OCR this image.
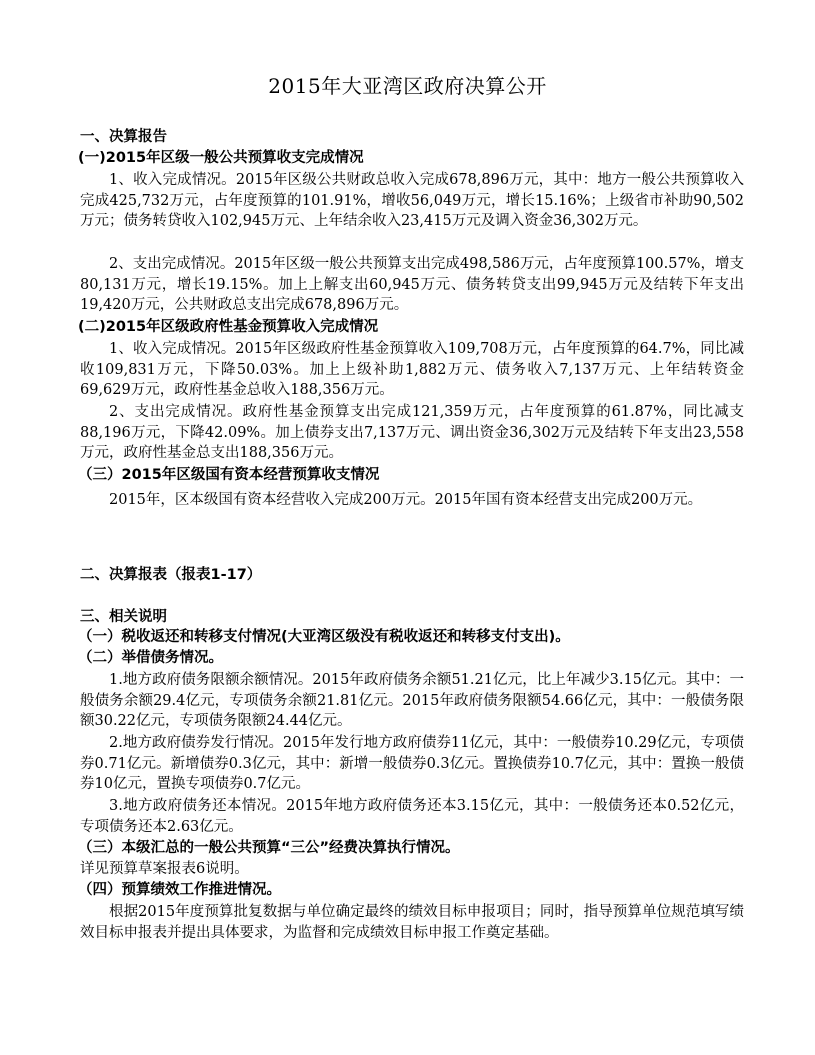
2015年大亚湾区政府决算公开
一、决算报告
(一)2015年区级一般公共预算收支完成情况
1、收入完成情况。2015年区级公共财政总收入完成678,896万元，其中：地方一般公共预算收入完成425,732万元，占年度预算的101.91%，增收56,049万元，增长15.16%；上级省市补助90,502万元；债务转贷收入102,945万元、上年结余收入23,415万元及调入资金36,302万元。
2、支出完成情况。2015年区级一般公共预算支出完成498,586万元，占年度预算100.57%，增支80,131万元，增长19.15%。加上上解支出60,945万元、债务转贷支出99,945万元及结转下年支出19,420万元，公共财政总支出完成678,896万元。
(二)2015年区级政府性基金预算收入完成情况
1、收入完成情况。2015年区级政府性基金预算收入109,708万元，占年度预算的64.7%，同比减收109,831万元，下降50.03%。加上上级补助1,882万元、债务收入7,137万元、上年结转资金69,629万元，政府性基金总收入188,356万元。
2、支出完成情况。政府性基金预算支出完成121,359万元，占年度预算的61.87%，同比减支88,196万元，下降42.09%。加上债券支出7,137万元、调出资金36,302万元及结转下年支出23,558万元，政府性基金总支出188,356万元。
（三）2015年区级国有资本经营预算收支情况
2015年，区本级国有资本经营收入完成200万元。2015年国有资本经营支出完成200万元。
二、决算报表（报表1-17）
三、相关说明
（一）税收返还和转移支付情况(大亚湾区级没有税收返还和转移支付支出)。
（二）举借债务情况。
1.地方政府债务限额余额情况。2015年政府债务余额51.21亿元，比上年减少3.15亿元。其中：一般债务余额29.4亿元，专项债务余额21.81亿元。2015年政府债务限额54.66亿元，其中：一般债务限额30.22亿元，专项债务限额24.44亿元。
2.地方政府债券发行情况。2015年发行地方政府债券11亿元，其中：一般债券10.29亿元，专项债券0.71亿元。新增债券0.3亿元，其中：新增一般债券0.3亿元。置换债券10.7亿元，其中：置换一般债券10亿元，置换专项债券0.7亿元。
3.地方政府债务还本情况。2015年地方政府债务还本3.15亿元，其中：一般债务还本0.52亿元，专项债务还本2.63亿元。
（三）本级汇总的一般公共预算“三公”经费决算执行情况。
详见预算草案报表6说明。
（四）预算绩效工作推进情况。
根据2015年度预算批复数据与单位确定最终的绩效目标申报项目；同时，指导预算单位规范填写绩效目标申报表并提出具体要求，为监督和完成绩效目标申报工作奠定基础。
